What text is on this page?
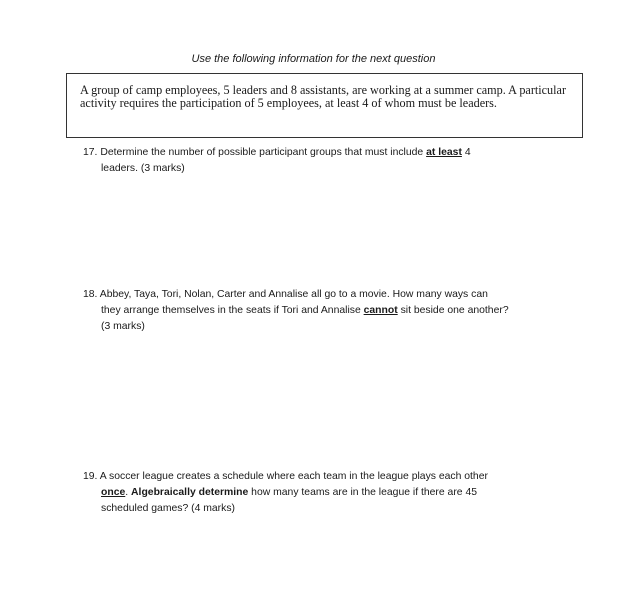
Use the following information for the next question
A group of camp employees, 5 leaders and 8 assistants, are working at a summer camp. A particular activity requires the participation of 5 employees, at least 4 of whom must be leaders.
17. Determine the number of possible participant groups that must include at least 4
leaders. (3 marks)
18. Abbey, Taya, Tori, Nolan, Carter and Annalise all go to a movie. How many ways can
they arrange themselves in the seats if Tori and Annalise cannot sit beside one another?
(3 marks)
19. A soccer league creates a schedule where each team in the league plays each other
once. Algebraically determine how many teams are in the league if there are 45
scheduled games? (4 marks)
